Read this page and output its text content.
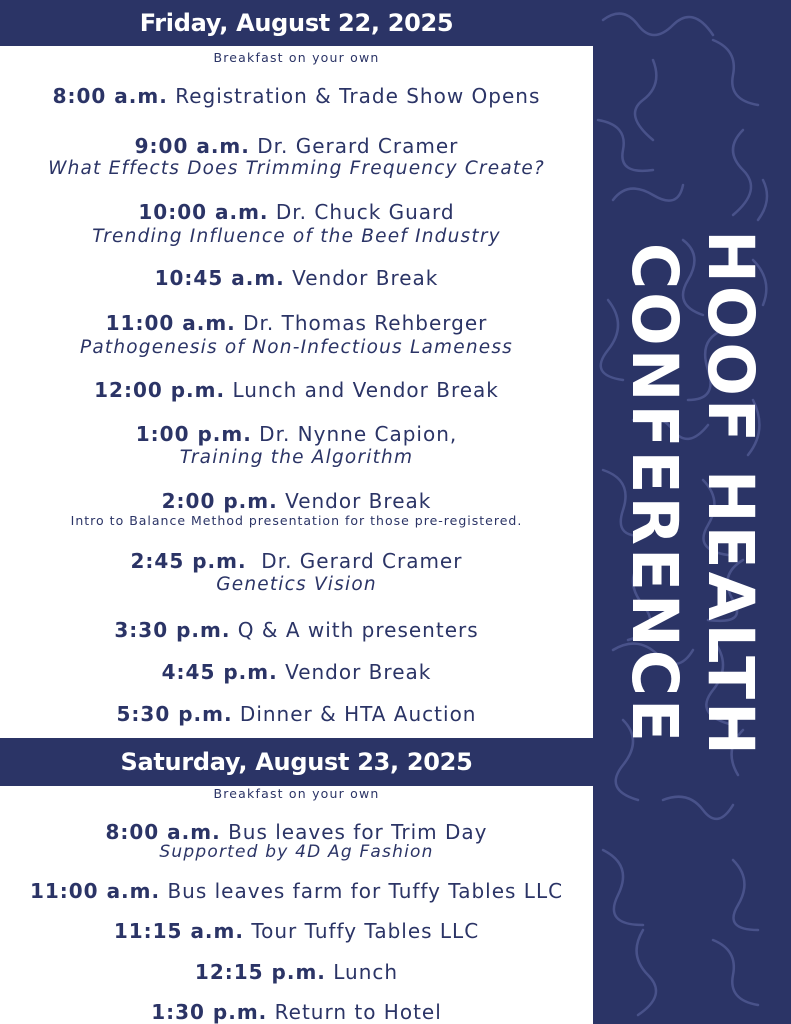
Friday, August 22, 2025
Breakfast on your own
8:00 a.m. Registration & Trade Show Opens
9:00 a.m. Dr. Gerard Cramer
What Effects Does Trimming Frequency Create?
10:00 a.m. Dr. Chuck Guard
Trending Influence of the Beef Industry
10:45 a.m. Vendor Break
11:00 a.m. Dr. Thomas Rehberger
Pathogenesis of Non-Infectious Lameness
12:00 p.m. Lunch and Vendor Break
1:00 p.m. Dr. Nynne Capion,
Training the Algorithm
2:00 p.m. Vendor Break
Intro to Balance Method presentation for those pre-registered.
2:45 p.m.  Dr. Gerard Cramer
Genetics Vision
3:30 p.m. Q & A with presenters
4:45 p.m. Vendor Break
5:30 p.m. Dinner & HTA Auction
Saturday, August 23, 2025
Breakfast on your own
8:00 a.m. Bus leaves for Trim Day
Supported by 4D Ag Fashion
11:00 a.m. Bus leaves farm for Tuffy Tables LLC
11:15 a.m. Tour Tuffy Tables LLC
12:15 p.m. Lunch
1:30 p.m. Return to Hotel
HOOF HEALTH
CONFERENCE
